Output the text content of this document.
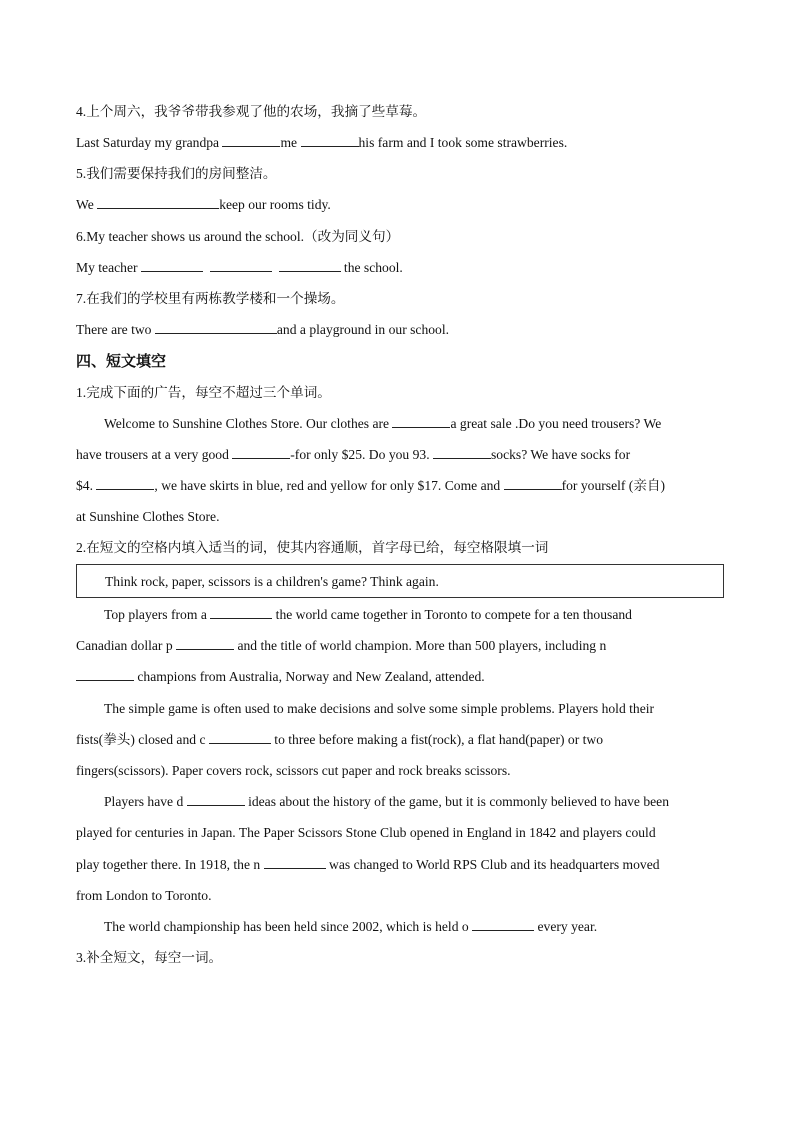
4.上个周六，我爷爷带我参观了他的农场，我摘了些草莓。
Last Saturday my grandpa	me	his farm and I took some strawberries.
5.我们需要保持我们的房间整洁。
We	keep our rooms tidy.
6.My teacher shows us around the school.（改为同义句）
My teacher	the school.
7.在我们的学校里有两栋教学楼和一个操场。
There are two	and a playground in our school.
四、短文填空
1.完成下面的广告，每空不超过三个单词。
Welcome to Sunshine Clothes Store. Our clothes are	a great sale .Do you need trousers? We
have trousers at a very good	-for only $25. Do you 93.	socks? We have socks for
$4.	, we have skirts in blue, red and yellow for only $17. Come and	for yourself (亲自)
at Sunshine Clothes Store.
2.在短文的空格内填入适当的词，使其内容通顺，首字母已给，每空格限填一词
Think rock, paper, scissors is a children's game? Think again.
Top players from a	the world came together in Toronto to compete for a ten thousand
Canadian dollar p	and the title of world champion. More than 500 players, including n
champions from Australia, Norway and New Zealand, attended.
The simple game is often used to make decisions and solve some simple problems. Players hold their
fists(拳头) closed and c	to three before making a fist(rock), a flat hand(paper) or two
fingers(scissors). Paper covers rock, scissors cut paper and rock breaks scissors.
Players have d	ideas about the history of the game, but it is commonly believed to have been
played for centuries in Japan. The Paper Scissors Stone Club opened in England in 1842 and players could
play together there. In 1918, the n	was changed to World RPS Club and its headquarters moved
from London to Toronto.
The world championship has been held since 2002, which is held o	every year.
3.补全短文，每空一词。
